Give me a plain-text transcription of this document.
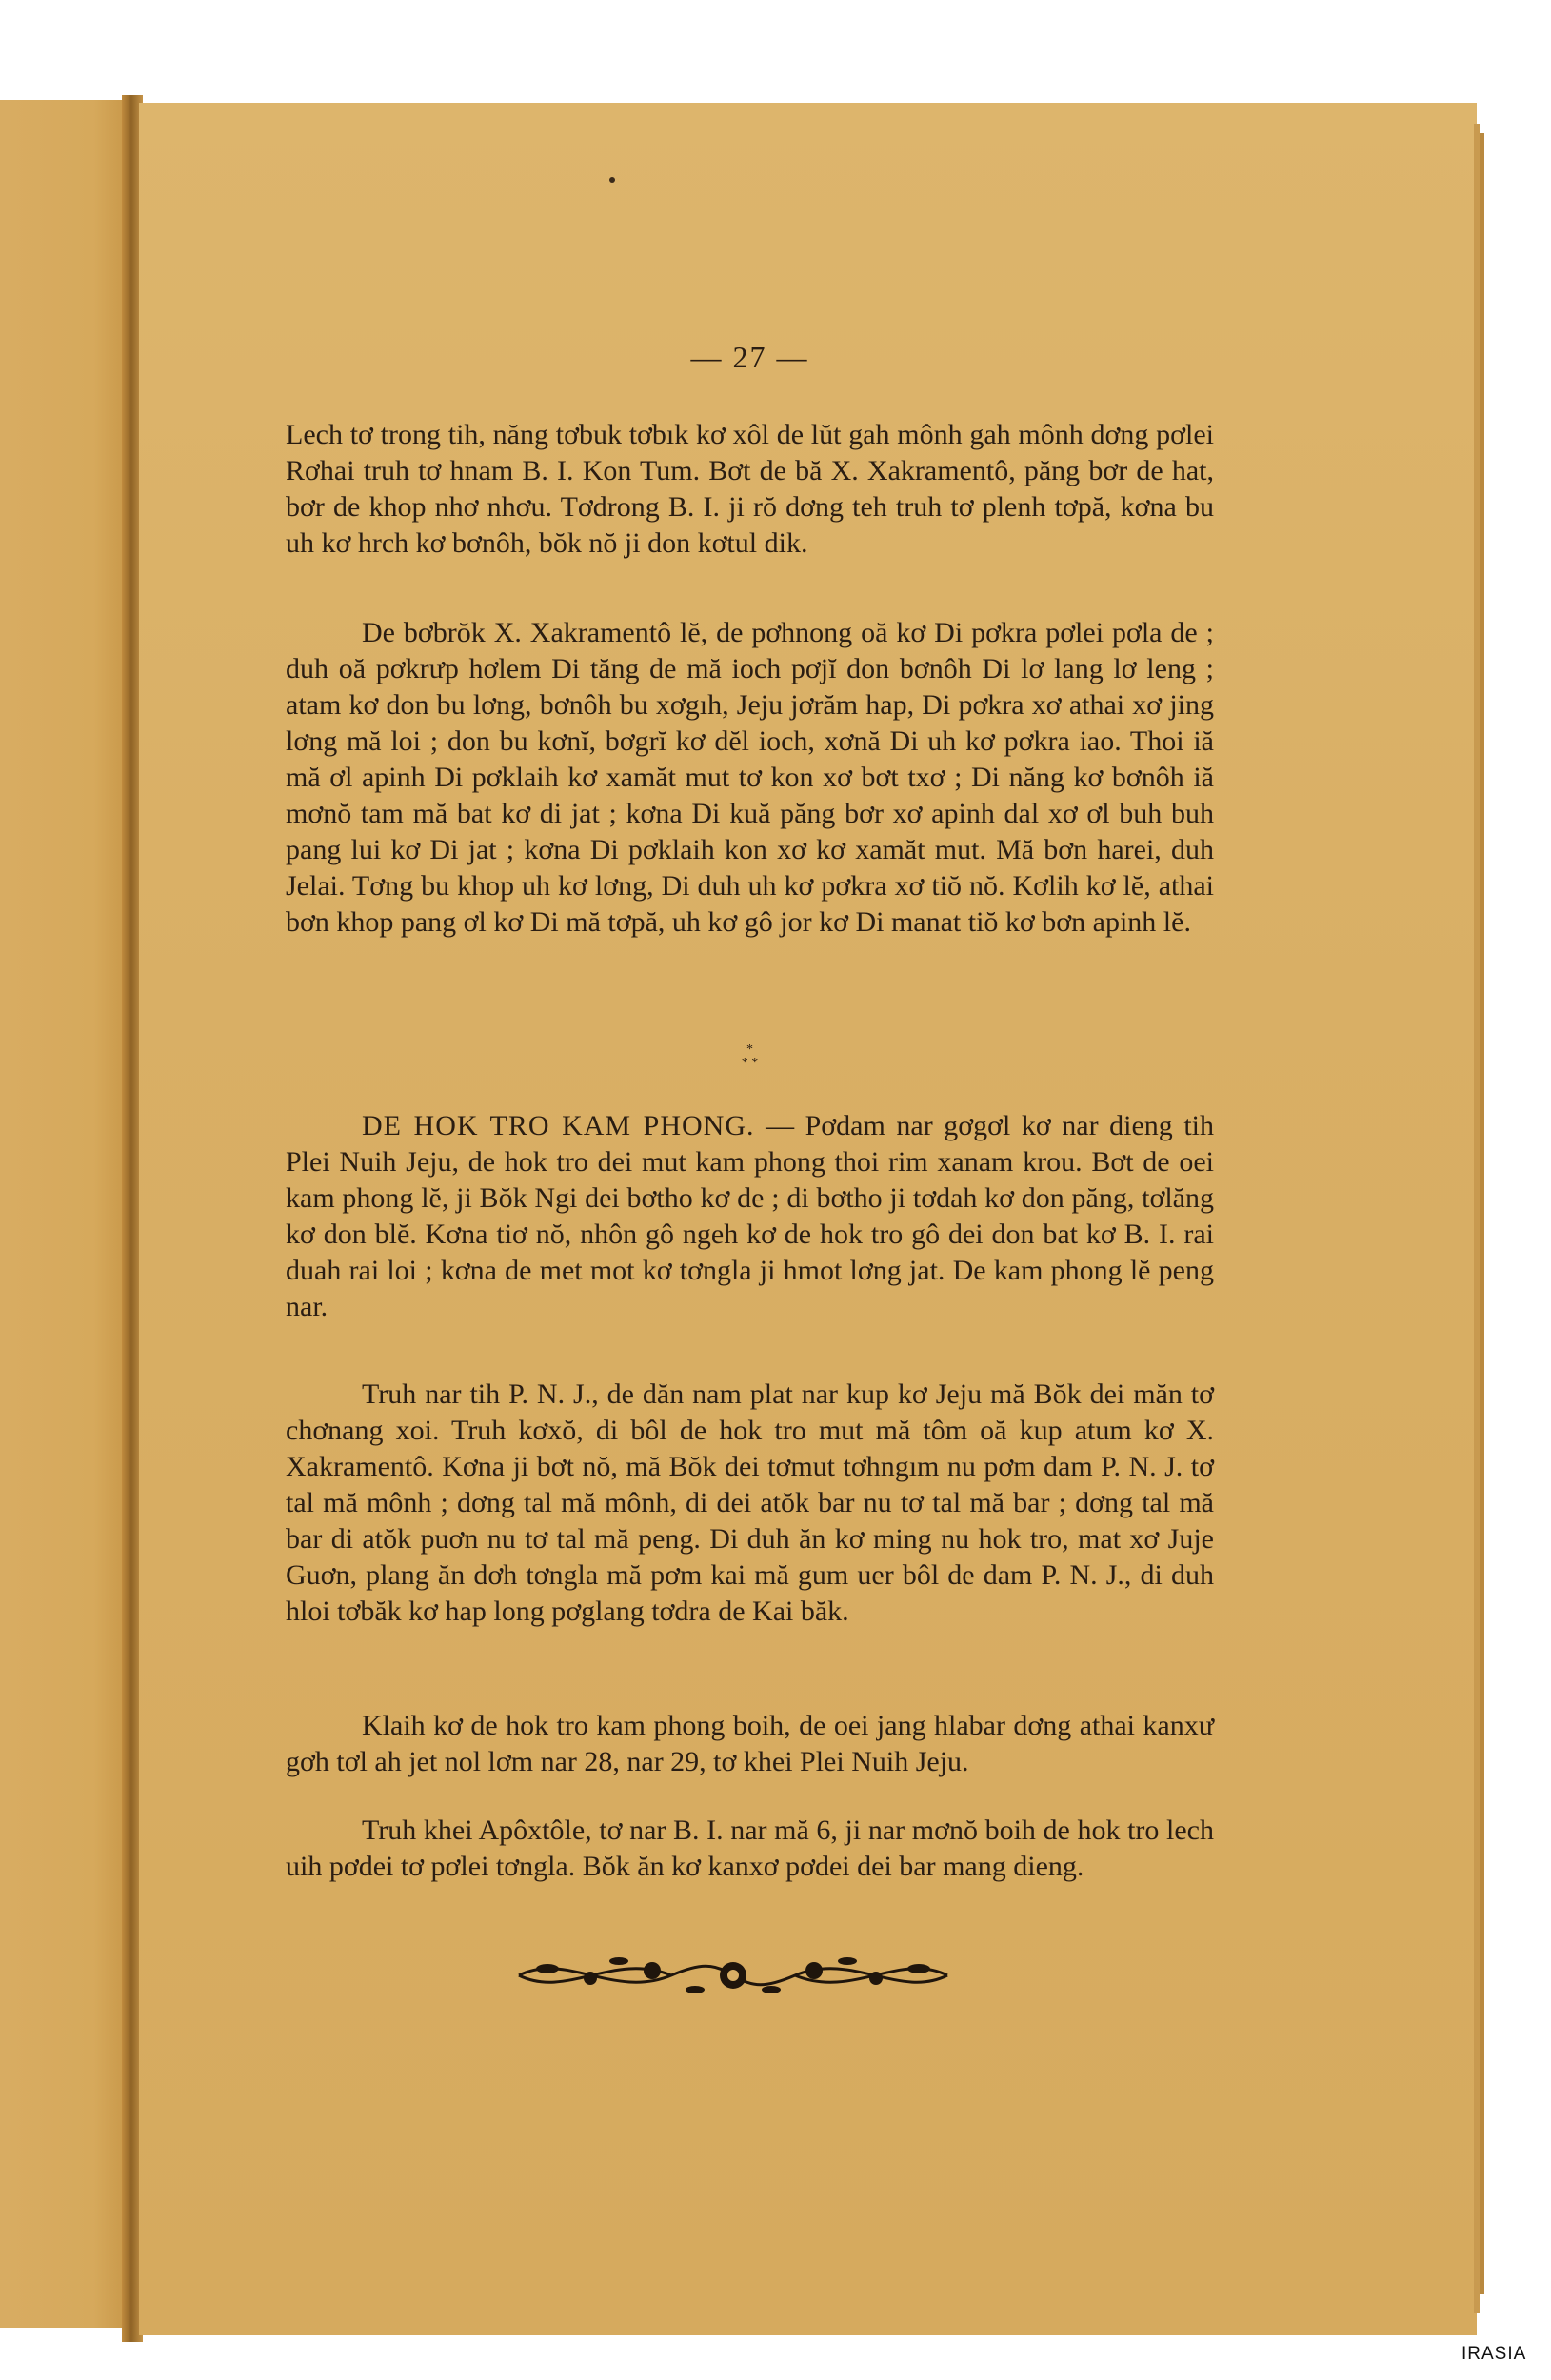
— 27 —

Lech tơ trong tih, năng tơbuk tơbık kơ xôl de lŭt gah mônh gah mônh dơng pơlei Rơhai truh tơ hnam B. I. Kon Tum. Bơt de bă X. Xakramentô, păng bơr de hat, bơr de khop nhơ nhơu. Tơdrong B. I. ji rŏ dơng teh truh tơ plenh tơpă, kơna bu uh kơ hrch kơ bơnôh, bŏk nŏ ji don kơtul dik.

De bơbrŏk X. Xakramentô lĕ, de pơhnong oă kơ Di pơkra pơlei pơla de ; duh oă pơkrưp hơlem Di tăng de mă ioch pơjĭ don bơnôh Di lơ lang lơ leng ; atam kơ don bu lơng, bơnôh bu xơgıh, Jeju jơrăm hap, Di pơkra xơ athai xơ jing lơng mă loi ; don bu kơnĭ, bơgrĭ kơ dĕl ioch, xơnă Di uh kơ pơkra iao. Thoi iă mă ơl apinh Di pơklaih kơ xamăt mut tơ kon xơ bơt txơ ; Di năng kơ bơnôh iă mơnŏ tam mă bat kơ di jat ; kơna Di kuă păng bơr xơ apinh dal xơ ơl buh buh pang lui kơ Di jat ; kơna Di pơklaih kon xơ kơ xamăt mut. Mă bơn harei, duh Jelai. Tơng bu khop uh kơ lơng, Di duh uh kơ pơkra xơ tiŏ nŏ. Kơlih kơ lĕ, athai bơn khop pang ơl kơ Di mă tơpă, uh kơ gô jor kơ Di manat tiŏ kơ bơn apinh lĕ.

*
* *

DE HOK TRO KAM PHONG. — Pơdam nar gơgơl kơ nar dieng tih Plei Nuih Jeju, de hok tro dei mut kam phong thoi rim xanam krou. Bơt de oei kam phong lĕ, ji Bŏk Ngi dei bơtho kơ de ; di bơtho ji tơdah kơ don păng, tơlăng kơ don blĕ. Kơna tiơ nŏ, nhôn gô ngeh kơ de hok tro gô dei don bat kơ B. I. rai duah rai loi ; kơna de met mot kơ tơngla ji hmot lơng jat. De kam phong lĕ peng nar.

Truh nar tih P. N. J., de dăn nam plat nar kup kơ Jeju mă Bŏk dei măn tơ chơnang xoi. Truh kơxŏ, di bôl de hok tro mut mă tôm oă kup atum kơ X. Xakramentô. Kơna ji bơt nŏ, mă Bŏk dei tơmut tơhngım nu pơm dam P. N. J. tơ tal mă mônh ; dơng tal mă mônh, di dei atŏk bar nu tơ tal mă bar ; dơng tal mă bar di atŏk puơn nu tơ tal mă peng. Di duh ăn kơ ming nu hok tro, mat xơ Juje Guơn, plang ăn dơh tơngla mă pơm kai mă gum uer bôl de dam P. N. J., di duh hloi tơbăk kơ hap long pơglang tơdra de Kai băk.

Klaih kơ de hok tro kam phong boih, de oei jang hlabar dơng athai kanxư gơh tơl ah jet nol lơm nar 28, nar 29, tơ khei Plei Nuih Jeju.

Truh khei Apôxtôle, tơ nar B. I. nar mă 6, ji nar mơnŏ boih de hok tro lech uih pơdei tơ pơlei tơngla. Bŏk ăn kơ kanxơ pơdei dei bar mang dieng.

IRASIA
